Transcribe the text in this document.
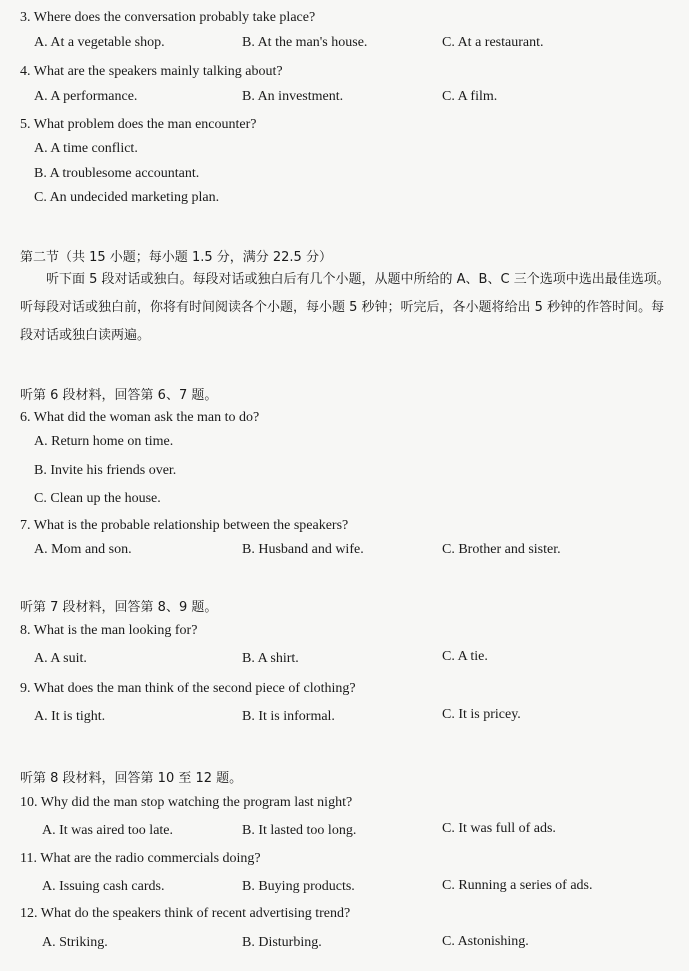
3. Where does the conversation probably take place?
A. At a vegetable shop.	B. At the man's house.	C. At a restaurant.
4. What are the speakers mainly talking about?
A. A performance.	B. An investment.	C. A film.
5. What problem does the man encounter?
A. A time conflict.
B. A troublesome accountant.
C. An undecided marketing plan.
第二节（共 15 小题；每小题 1.5 分，满分 22.5 分）
听下面 5 段对话或独白。每段对话或独白后有几个小题，从题中所给的 A、B、C 三个选项中选出最佳选项。听每段对话或独白前，你将有时间阅读各个小题，每小题 5 秒钟；听完后，各小题将给出 5 秒钟的作答时间。每段对话或独白读两遍。
听第 6 段材料，回答第 6、7 题。
6. What did the woman ask the man to do?
A. Return home on time.
B. Invite his friends over.
C. Clean up the house.
7. What is the probable relationship between the speakers?
A. Mom and son.	B. Husband and wife.	C. Brother and sister.
听第 7 段材料，回答第 8、9 题。
8. What is the man looking for?
A. A suit.	B. A shirt.	C. A tie.
9. What does the man think of the second piece of clothing?
A. It is tight.	B. It is informal.	C. It is pricey.
听第 8 段材料，回答第 10 至 12 题。
10. Why did the man stop watching the program last night?
A. It was aired too late.	B. It lasted too long.	C. It was full of ads.
11. What are the radio commercials doing?
A. Issuing cash cards.	B. Buying products.	C. Running a series of ads.
12. What do the speakers think of recent advertising trend?
A. Striking.	B. Disturbing.	C. Astonishing.
